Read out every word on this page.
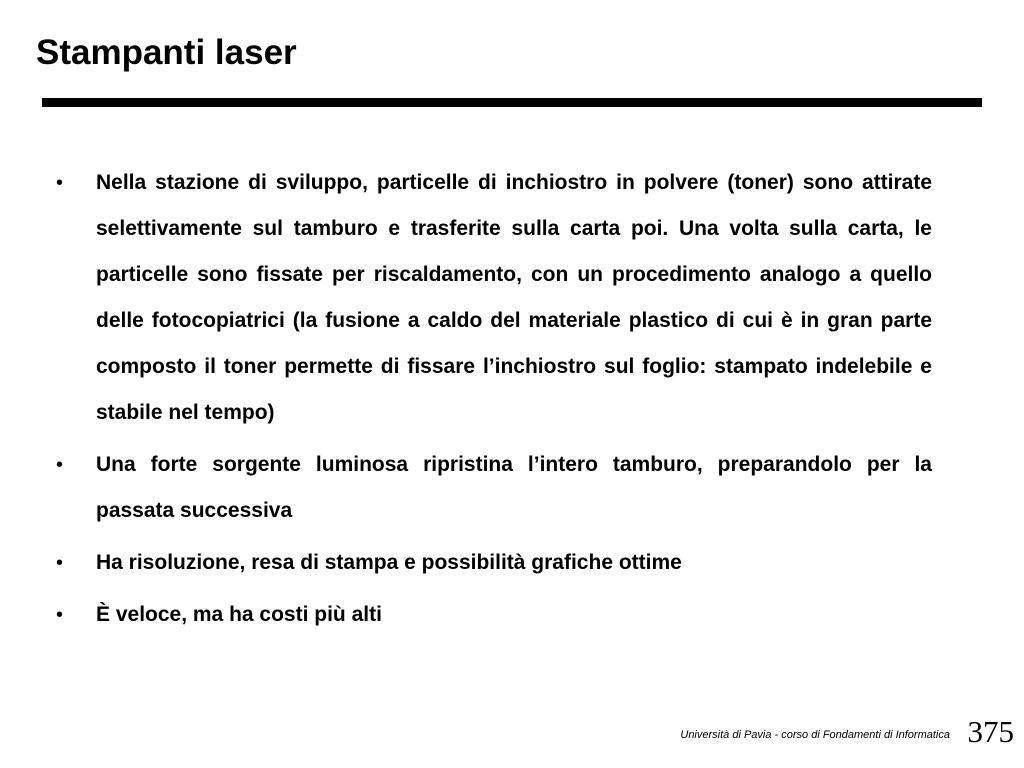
Stampanti laser
• Nella stazione di sviluppo, particelle di inchiostro in polvere (toner) sono attirate selettivamente sul tamburo e trasferite sulla carta poi. Una volta sulla carta, le particelle sono fissate per riscaldamento, con un procedimento analogo a quello delle fotocopiatrici (la fusione a caldo del materiale plastico di cui è in gran parte composto il toner permette di fissare l’inchiostro sul foglio: stampato indelebile e stabile nel tempo)
• Una forte sorgente luminosa ripristina l’intero tamburo, preparandolo per la passata successiva
• Ha risoluzione, resa di stampa e possibilità grafiche ottime
• È veloce, ma ha costi più alti
Università di Pavia - corso di Fondamenti di Informatica 375
